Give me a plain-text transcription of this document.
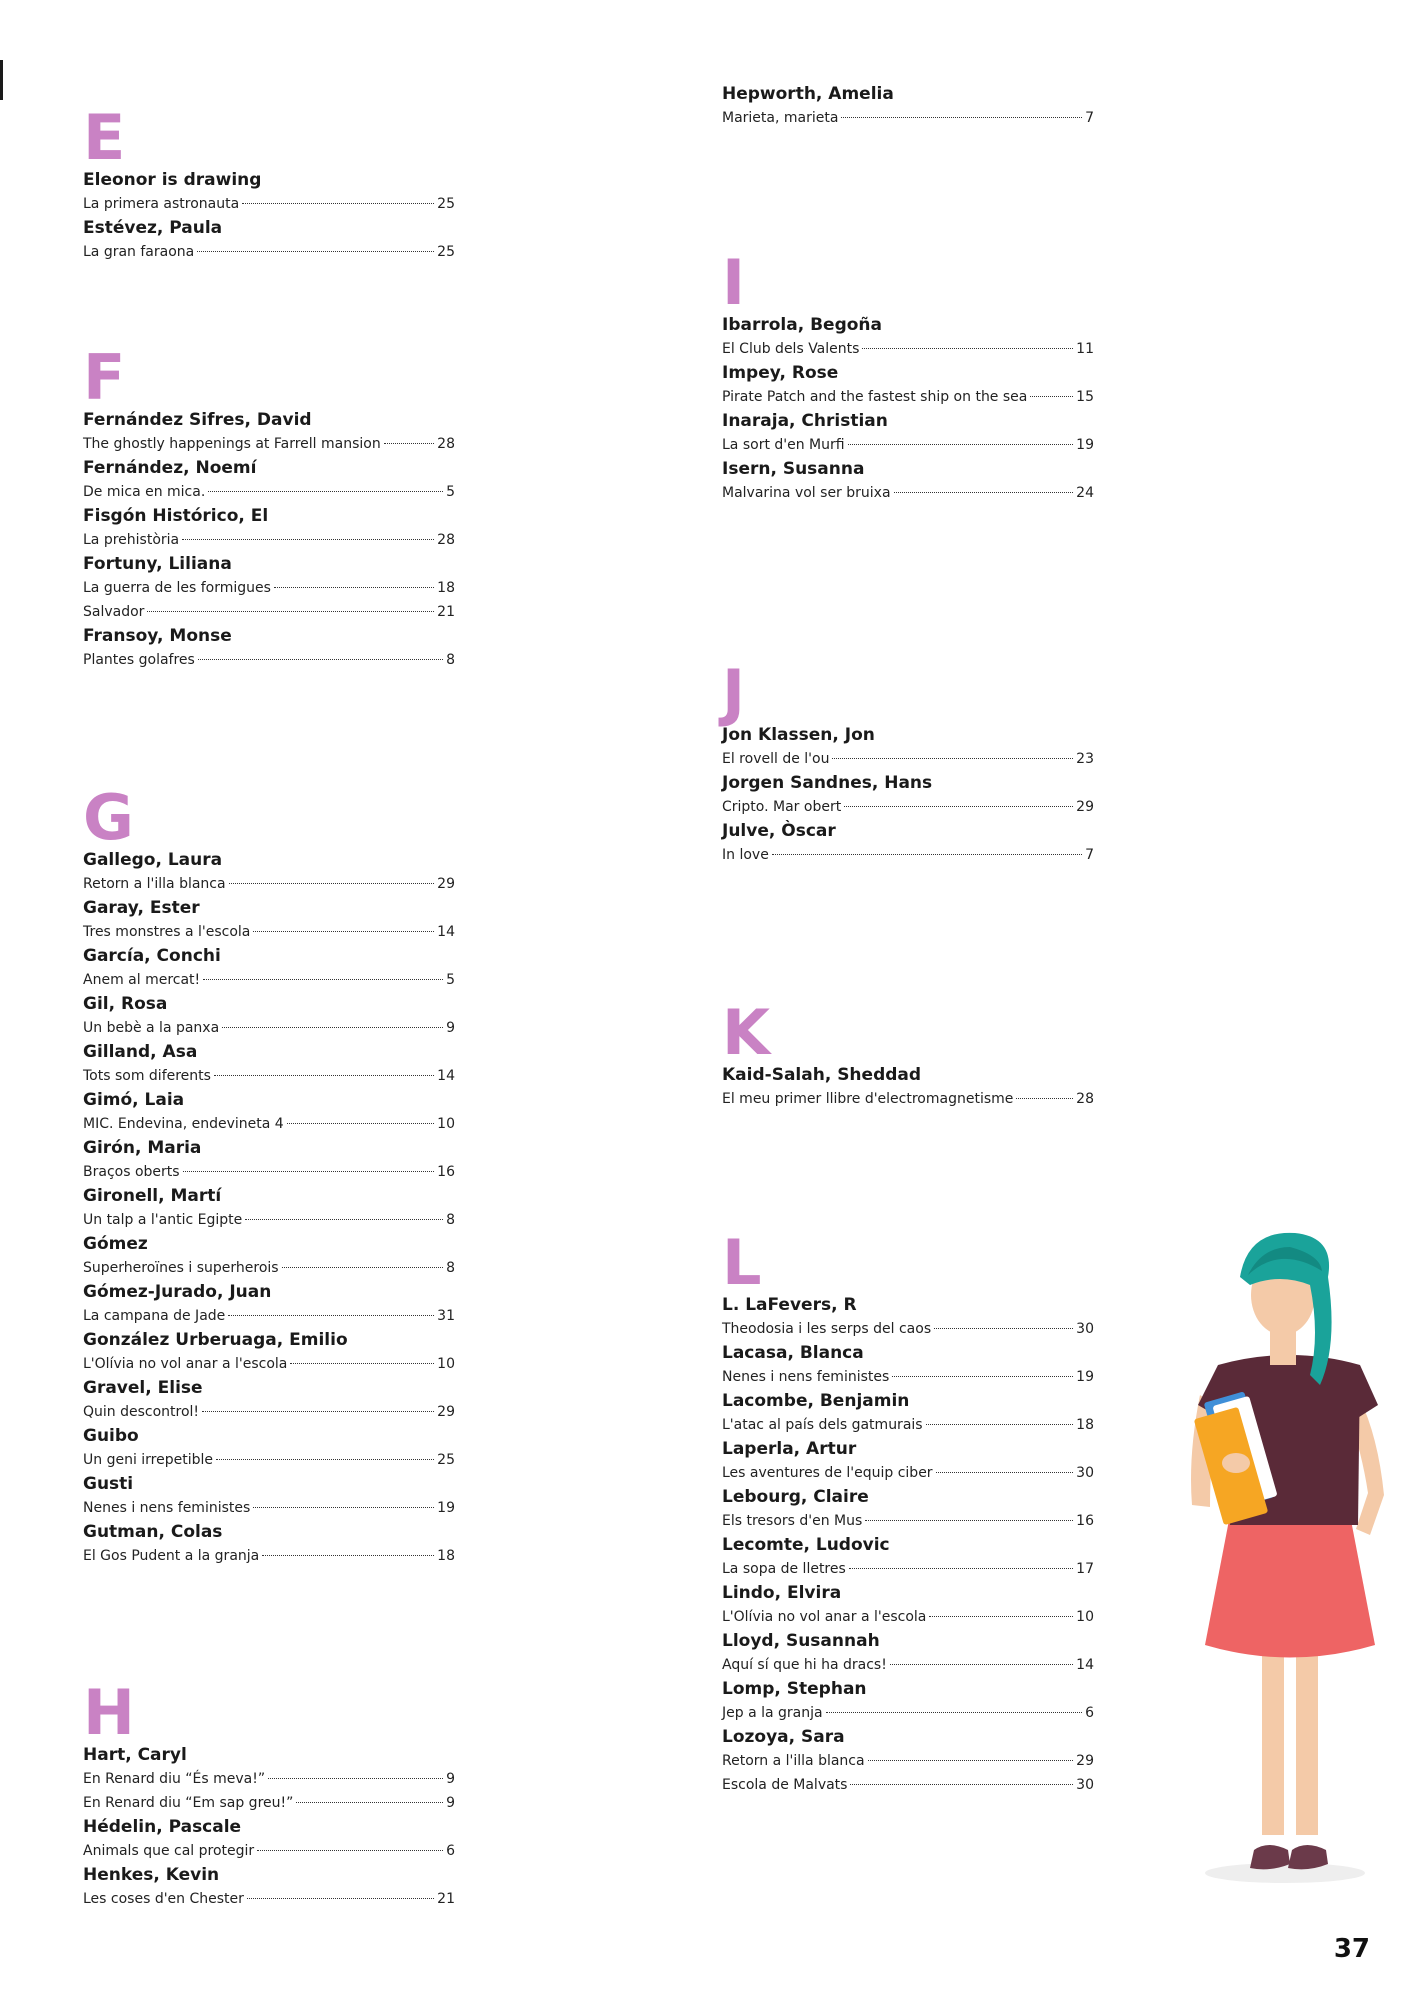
E
Eleonor is drawing
La primera astronauta	25
Estévez, Paula
La gran faraona	25
F
Fernández Sifres, David
The ghostly happenings at Farrell mansion	28
Fernández, Noemí
De mica en mica.	5
Fisgón Histórico, El
La prehistòria	28
Fortuny, Liliana
La guerra de les formigues	18
Salvador	21
Fransoy, Monse
Plantes golafres	8
G
Gallego, Laura
Retorn a l'illa blanca	29
Garay, Ester
Tres monstres a l'escola	14
García, Conchi
Anem al mercat!	5
Gil, Rosa
Un bebè a la panxa	9
Gilland, Asa
Tots som diferents	14
Gimó, Laia
MIC. Endevina, endevineta 4	10
Girón, Maria
Braços oberts	16
Gironell, Martí
Un talp a l'antic Egipte	8
Gómez
Superheroïnes i superherois	8
Gómez-Jurado, Juan
La campana de Jade	31
González Urberuaga, Emilio
L'Olívia no vol anar a l'escola	10
Gravel, Elise
Quin descontrol!	29
Guibo
Un geni irrepetible	25
Gusti
Nenes i nens feministes	19
Gutman, Colas
El Gos Pudent a la granja	18
H
Hart, Caryl
En Renard diu “És meva!”	9
En Renard diu “Em sap greu!”	9
Hédelin, Pascale
Animals que cal protegir	6
Henkes, Kevin
Les coses d'en Chester	21
Hepworth, Amelia
Marieta, marieta	7
I
Ibarrola, Begoña
El Club dels Valents	11
Impey, Rose
Pirate Patch and the fastest ship on the sea	15
Inaraja, Christian
La sort d'en Murfi	19
Isern, Susanna
Malvarina vol ser bruixa	24
J
Jon Klassen, Jon
El rovell de l'ou	23
Jorgen Sandnes, Hans
Cripto. Mar obert	29
Julve, Òscar
In love	7
K
Kaid-Salah, Sheddad
El meu primer llibre d'electromagnetisme	28
L
L. LaFevers, R
Theodosia i les serps del caos	30
Lacasa, Blanca
Nenes i nens feministes	19
Lacombe, Benjamin
L'atac al país dels gatmurais	18
Laperla, Artur
Les aventures de l'equip ciber	30
Lebourg, Claire
Els tresors d'en Mus	16
Lecomte, Ludovic
La sopa de lletres	17
Lindo, Elvira
L'Olívia no vol anar a l'escola	10
Lloyd, Susannah
Aquí sí que hi ha dracs!	14
Lomp, Stephan
Jep a la granja	6
Lozoya, Sara
Retorn a l'illa blanca	29
Escola de Malvats	30
37
